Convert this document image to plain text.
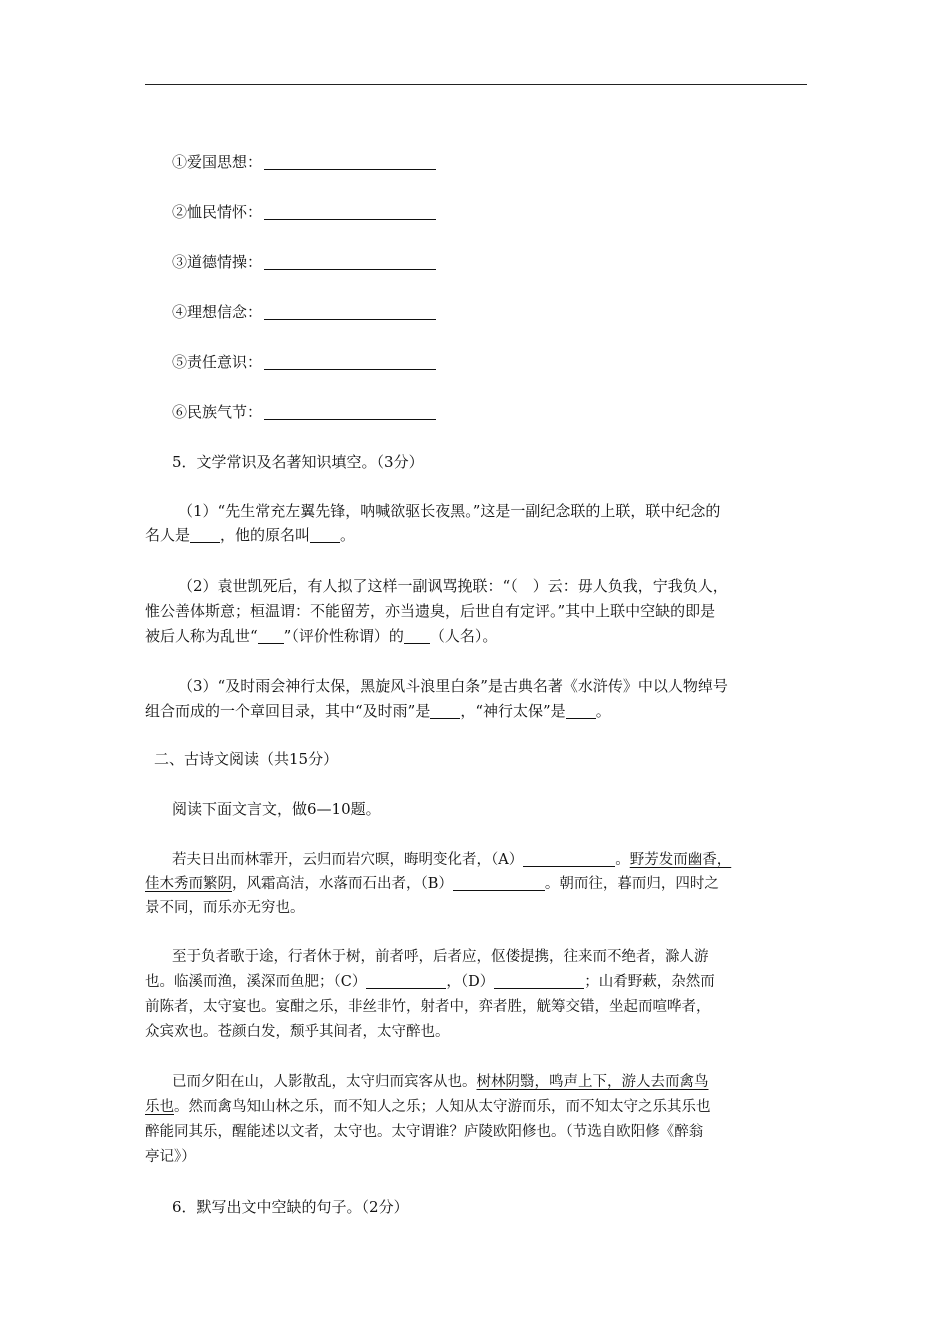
①爱国思想：
②恤民情怀：
③道德情操：
④理想信念：
⑤责任意识：
⑥民族气节：
5．文学常识及名著知识填空。（3分）
（1）“先生常充左翼先锋，呐喊欲驱长夜黑。”这是一副纪念联的上联，联中纪念的
名人是 ，他的原名叫 。
（2）袁世凯死后，有人拟了这样一副讽骂挽联：“（　）云：毋人负我，宁我负人，
惟公善体斯意；桓温谓：不能留芳，亦当遗臭，后世自有定评。”其中上联中空缺的即是
被后人称为乱世“ ”（评价性称谓）的 （人名）。
（3）“及时雨会神行太保，黑旋风斗浪里白条”是古典名著《水浒传》中以人物绰号
组合而成的一个章回目录，其中“及时雨”是 ，“神行太保”是 。
二、古诗文阅读（共15分）
阅读下面文言文，做6—10题。
若夫日出而林霏开，云归而岩穴暝，晦明变化者，（A）	。野芳发而幽香，
佳木秀而繁阴，风霜高洁，水落而石出者，（B）	。朝而往，暮而归，四时之
景不同，而乐亦无穷也。
至于负者歌于途，行者休于树，前者呼，后者应，伛偻提携，往来而不绝者，滁人游
也。临溪而渔，溪深而鱼肥；（C）	，（D）	；山肴野蔌，杂然而
前陈者，太守宴也。宴酣之乐，非丝非竹，射者中，弈者胜，觥筹交错，坐起而喧哗者，
众宾欢也。苍颜白发，颓乎其间者，太守醉也。
已而夕阳在山，人影散乱，太守归而宾客从也。树林阴翳，鸣声上下，游人去而禽鸟
乐也。然而禽鸟知山林之乐，而不知人之乐；人知从太守游而乐，而不知太守之乐其乐也
醉能同其乐，醒能述以文者，太守也。太守谓谁？庐陵欧阳修也。（节选自欧阳修《醉翁
亭记》）
6．默写出文中空缺的句子。（2分）
